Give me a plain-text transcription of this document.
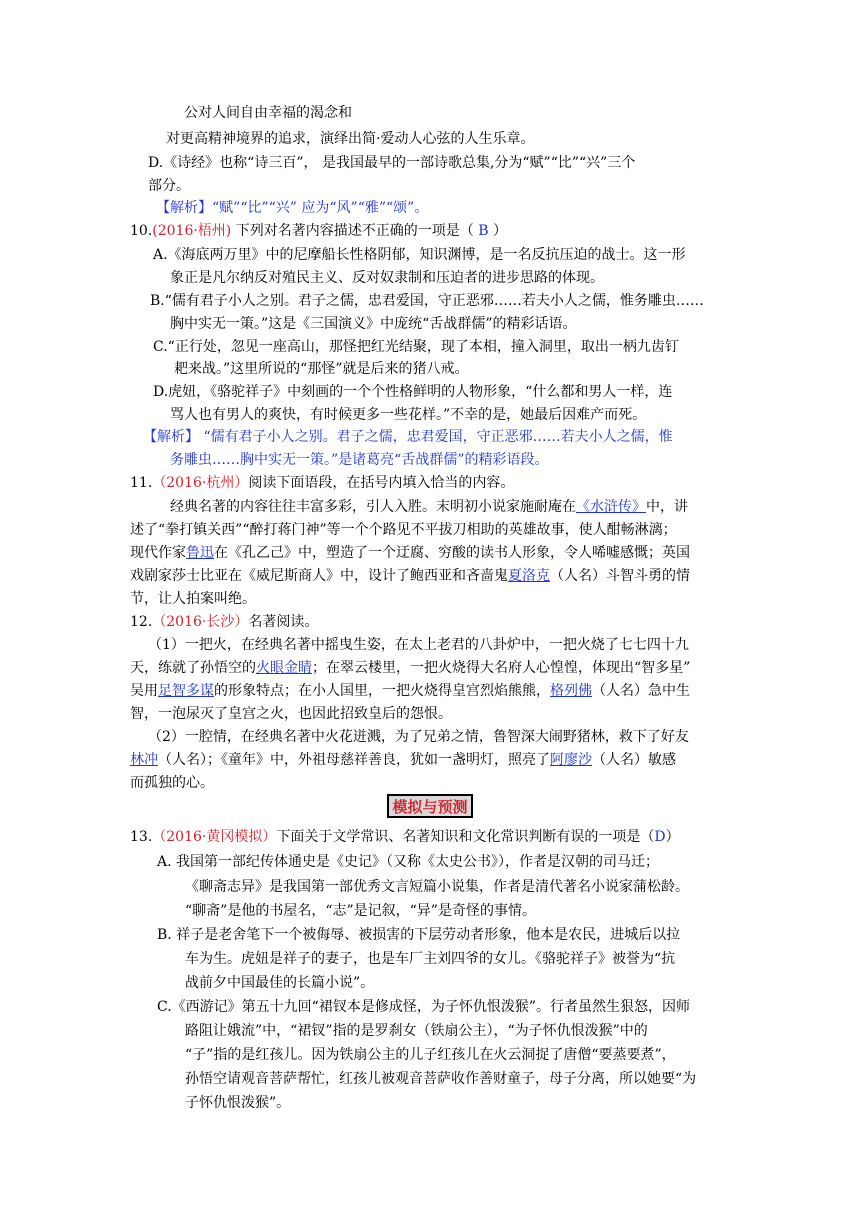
公对人间自由幸福的渴念和
对更高精神境界的追求，演绎出简·爱动人心弦的人生乐章。
D.《诗经》也称“诗三百”， 是我国最早的一部诗歌总集,分为“赋”“比”“兴”三个
部分。
【解析】“赋”“比”“兴” 应为“风”“雅”“颂”。
10.(2016·梧州) 下列对名著内容描述不正确的一项是（ B ）
A.《海底两万里》中的尼摩船长性格阴郁，知识渊博，是一名反抗压迫的战士。这一形
象正是凡尔纳反对殖民主义、反对奴隶制和压迫者的进步思路的体现。
B.“儒有君子小人之别。君子之儒，忠君爱国，守正恶邪……若夫小人之儒，惟务雕虫……
胸中实无一策。”这是《三国演义》中庞统“舌战群儒”的精彩话语。
C.“正行处，忽见一座高山，那怪把红光结聚，现了本相，撞入洞里，取出一柄九齿钉
耙来战。”这里所说的“那怪”就是后来的猪八戒。
D.虎妞，《骆驼祥子》中刻画的一个个性格鲜明的人物形象，“什么都和男人一样，连
骂人也有男人的爽快，有时候更多一些花样。”不幸的是，她最后因难产而死。
【解析】 “儒有君子小人之别。君子之儒，忠君爱国，守正恶邪……若夫小人之儒，惟
务雕虫……胸中实无一策。”是诸葛亮“舌战群儒”的精彩语段。
11.（2016·杭州）阅读下面语段，在括号内填入恰当的内容。
经典名著的内容往往丰富多彩，引人入胜。末明初小说家施耐庵在《水浒传》中，讲
述了“拳打镇关西”“醉打蒋门神”等一个个路见不平拔刀相助的英雄故事，使人酣畅淋漓；
现代作家鲁迅在《孔乙己》中，塑造了一个迂腐、穷酸的读书人形象，令人唏嘘感慨；英国
戏剧家莎士比亚在《威尼斯商人》中，设计了鲍西亚和吝啬鬼夏洛克（人名）斗智斗勇的情
节，让人拍案叫绝。
12.（2016·长沙）名著阅读。
（1）一把火，在经典名著中摇曳生姿，在太上老君的八卦炉中，一把火烧了七七四十九
天，练就了孙悟空的火眼金睛；在翠云楼里，一把火烧得大名府人心惶惶，体现出“智多星”
吴用足智多谋的形象特点；在小人国里，一把火烧得皇宫烈焰熊熊，格列佛（人名）急中生
智，一泡尿灭了皇宫之火，也因此招致皇后的怨恨。
（2）一腔情，在经典名著中火花迸溅，为了兄弟之情，鲁智深大闹野猪林，救下了好友
林冲（人名）；《童年》中，外祖母慈祥善良，犹如一盏明灯，照亮了阿廖沙（人名）敏感
而孤独的心。
模拟与预测
13.（2016·黄冈模拟）下面关于文学常识、名著知识和文化常识判断有误的一项是（D）
A. 我国第一部纪传体通史是《史记》（又称《太史公书》），作者是汉朝的司马迁；
《聊斋志异》是我国第一部优秀文言短篇小说集，作者是清代著名小说家蒲松龄。
“聊斋”是他的书屋名，“志”是记叙，“异”是奇怪的事情。
B. 祥子是老舍笔下一个被侮辱、被损害的下层劳动者形象，他本是农民，进城后以拉
车为生。虎妞是祥子的妻子，也是车厂主刘四爷的女儿。《骆驼祥子》被誉为“抗
战前夕中国最佳的长篇小说”。
C.《西游记》第五十九回“裙钗本是修成怪，为子怀仇恨泼猴”。行者虽然生狠怒，因师
路阻让娥流”中，“裙钗”指的是罗刹女（铁扇公主），“为子怀仇恨泼猴”中的
“子”指的是红孩儿。因为铁扇公主的儿子红孩儿在火云洞捉了唐僧“要蒸要煮”，
孙悟空请观音菩萨帮忙，红孩儿被观音菩萨收作善财童子，母子分离，所以她要“为
子怀仇恨泼猴”。
